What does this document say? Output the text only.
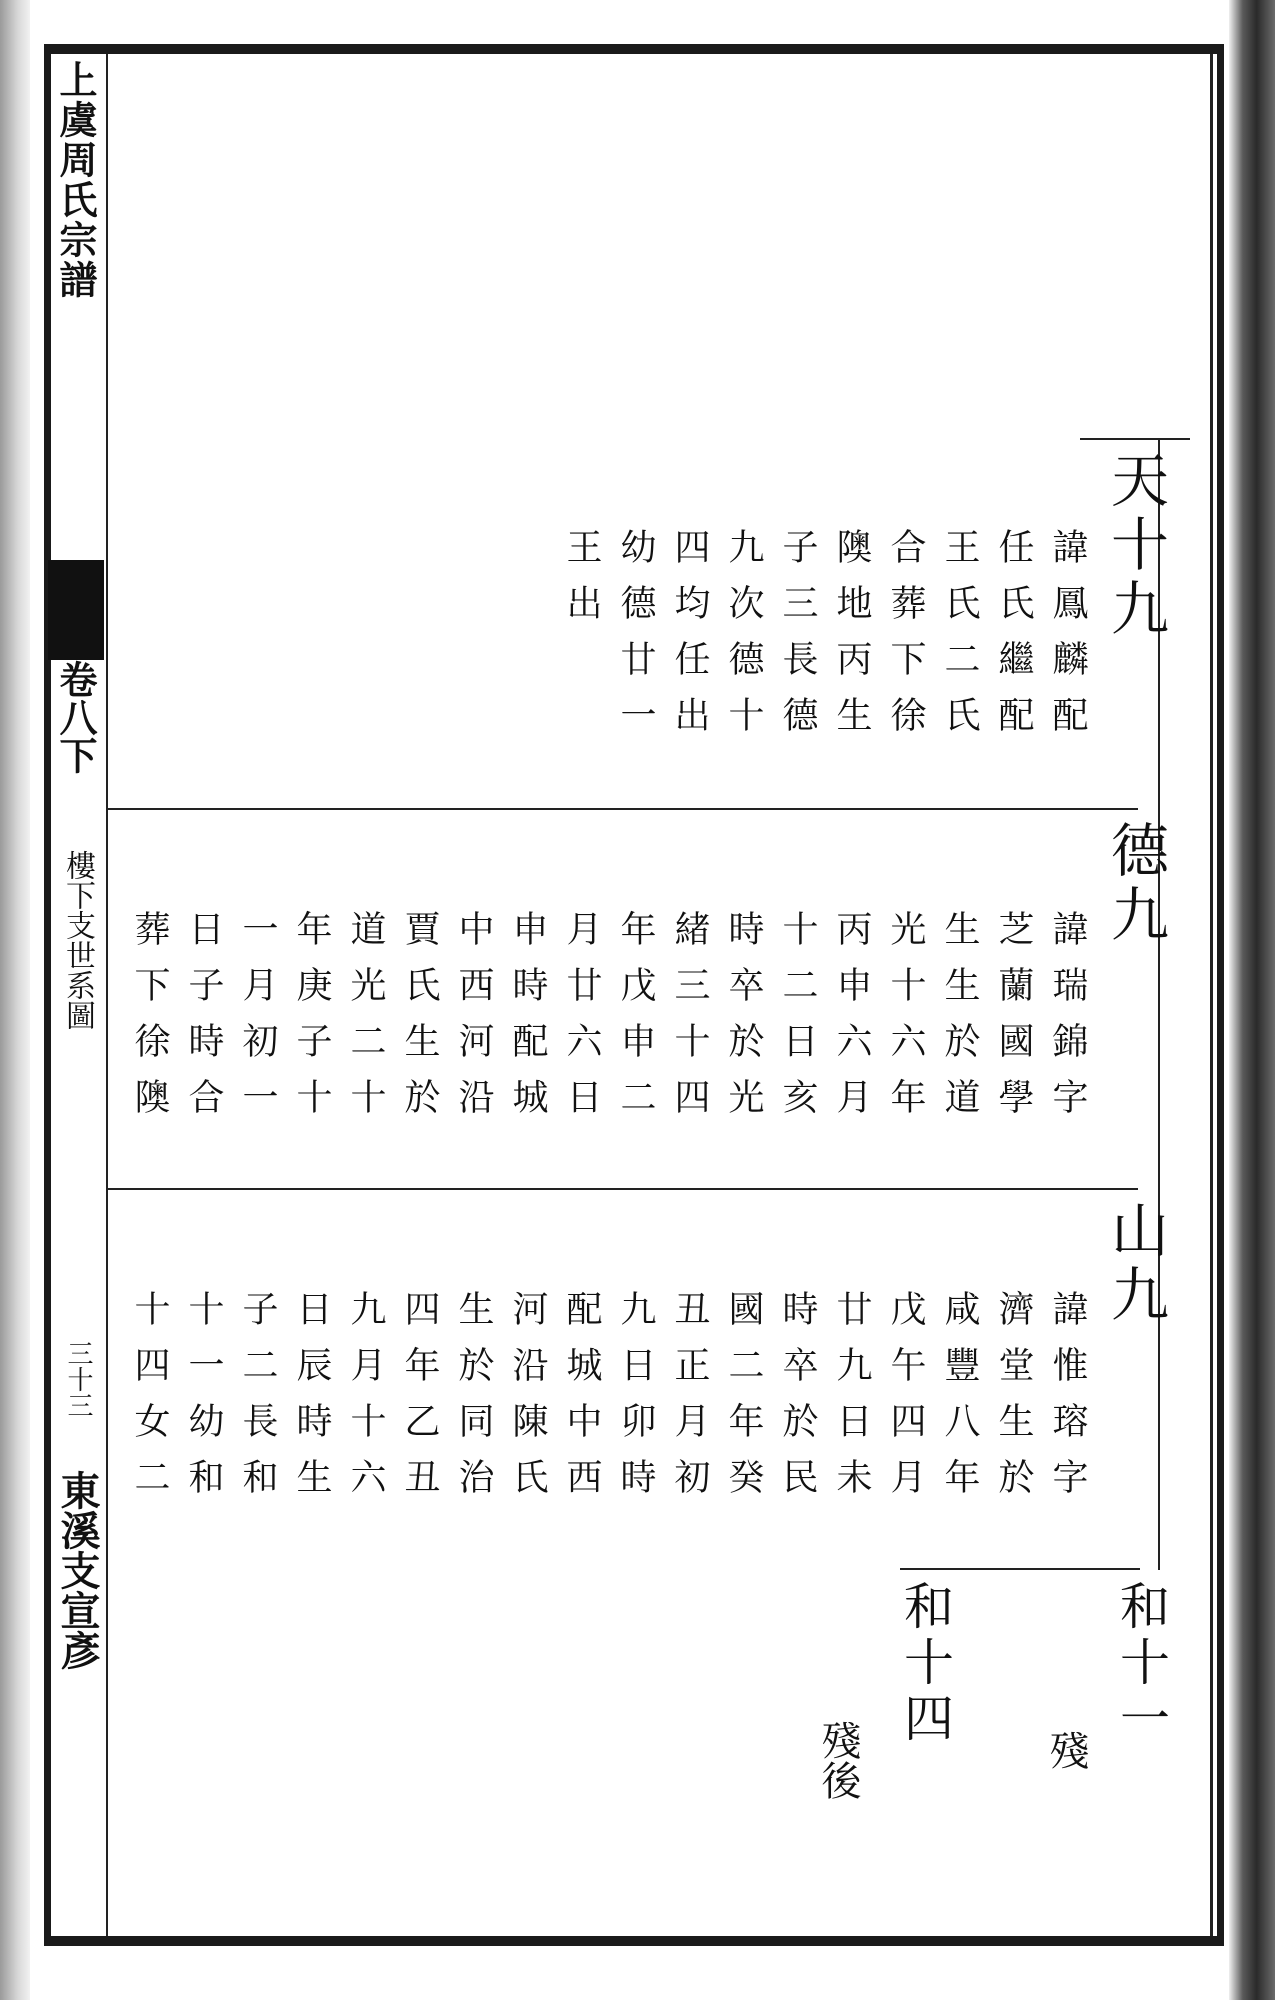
上虞周氏宗譜
卷八下
樓下支世系圖
三十三
東溪支宣彥
天十九
諱鳳麟配
任氏繼配
王氏二氏
合葬下徐
隩地丙生
子三長德
九次德十
四均任出
幼德廿一
王出
德九
諱瑞錦字
芝蘭國學
生生於道
光十六年
丙申六月
十二日亥
時卒於光
緒三十四
年戊申二
月廿六日
申時配城
中西河沿
賈氏生於
道光二十
年庚子十
一月初一
日子時合
葬下徐隩
山九
諱惟瑢字
濟堂生於
咸豐八年
戊午四月
廿九日未
時卒於民
國二年癸
丑正月初
九日卯時
配城中西
河沿陳氏
生於同治
四年乙丑
九月十六
日辰時生
子二長和
十一幼和
十四女二
和十一
殘
和十四
殘後
